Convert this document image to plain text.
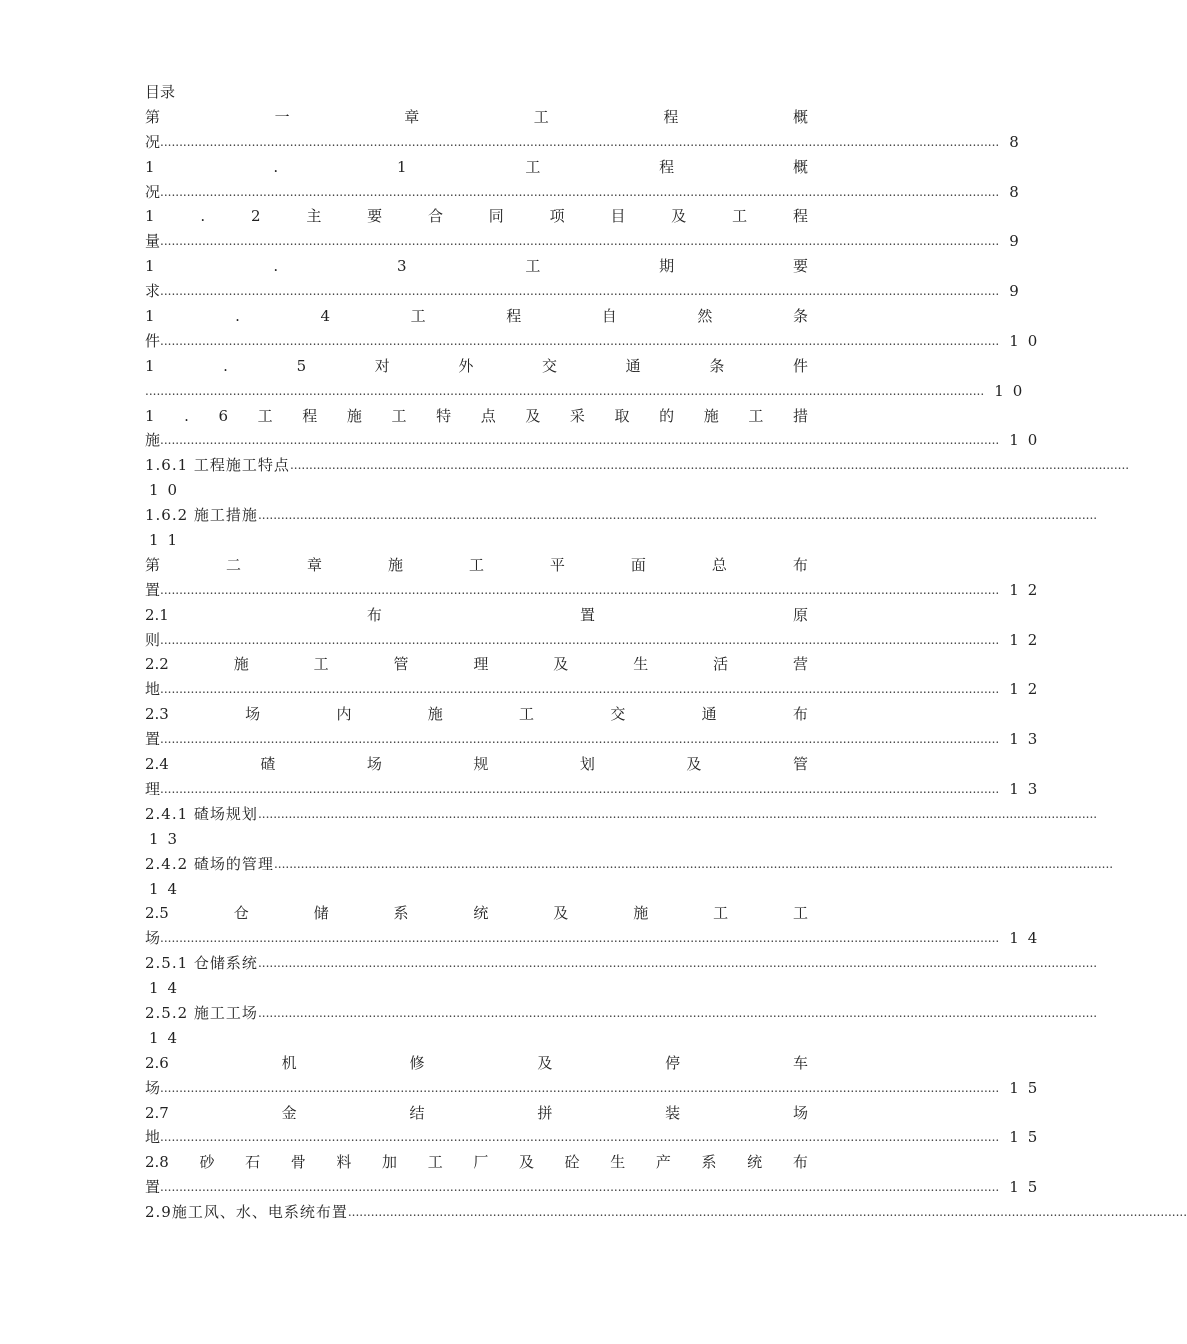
目录
第	一	章	工	程	概
况 ............................................................................................................................................................................................................................ 8
1	.	1	工	程	概
况 ............................................................................................................................................................................................................................ 8
1	.	2	主	要	合	同	项	目	及	工	程
量 ............................................................................................................................................................................................................................ 9
1	.	3	工	期	要
求 ............................................................................................................................................................................................................................ 9
1	.	4	工	程	自	然	条
件 ............................................................................................................................................................................................................................ 10
1	.	5	对	外	交	通	条	件
............................................................................................................................................................................................................................ 10
1 . 6 工 程 施 工 特 点 及 采 取 的 施 工 措
施 ............................................................................................................................................................................................................................ 10
1.6.1 工程施工特点 ............................................................................................................................................................................................................................
10
1.6.2 施工措施 ............................................................................................................................................................................................................................
11
第	二	章	施	工	平	面	总	布
置 ............................................................................................................................................................................................................................ 12
2.1	布	置	原
则 ............................................................................................................................................................................................................................ 12
2.2	施	工	管	理	及	生	活	营
地 ............................................................................................................................................................................................................................ 12
2.3	场	内	施	工	交	通	布
置 ............................................................................................................................................................................................................................ 13
2.4	碴	场	规	划	及	管
理 ............................................................................................................................................................................................................................ 13
2.4.1 碴场规划 ............................................................................................................................................................................................................................
13
2.4.2 碴场的管理 ............................................................................................................................................................................................................................
14
2.5	仓	储	系	统	及	施	工	工
场 ............................................................................................................................................................................................................................ 14
2.5.1 仓储系统 ............................................................................................................................................................................................................................
14
2.5.2 施工工场 ............................................................................................................................................................................................................................
14
2.6	机	修	及	停	车
场 ............................................................................................................................................................................................................................ 15
2.7	金	结	拼	装	场
地 ............................................................................................................................................................................................................................ 15
2.8 砂 石 骨 料 加 工 厂 及 砼 生 产 系 统 布
置 ............................................................................................................................................................................................................................ 15
2.9施工风、水、电系统布置 ............................................................................................................................................................................................................................
